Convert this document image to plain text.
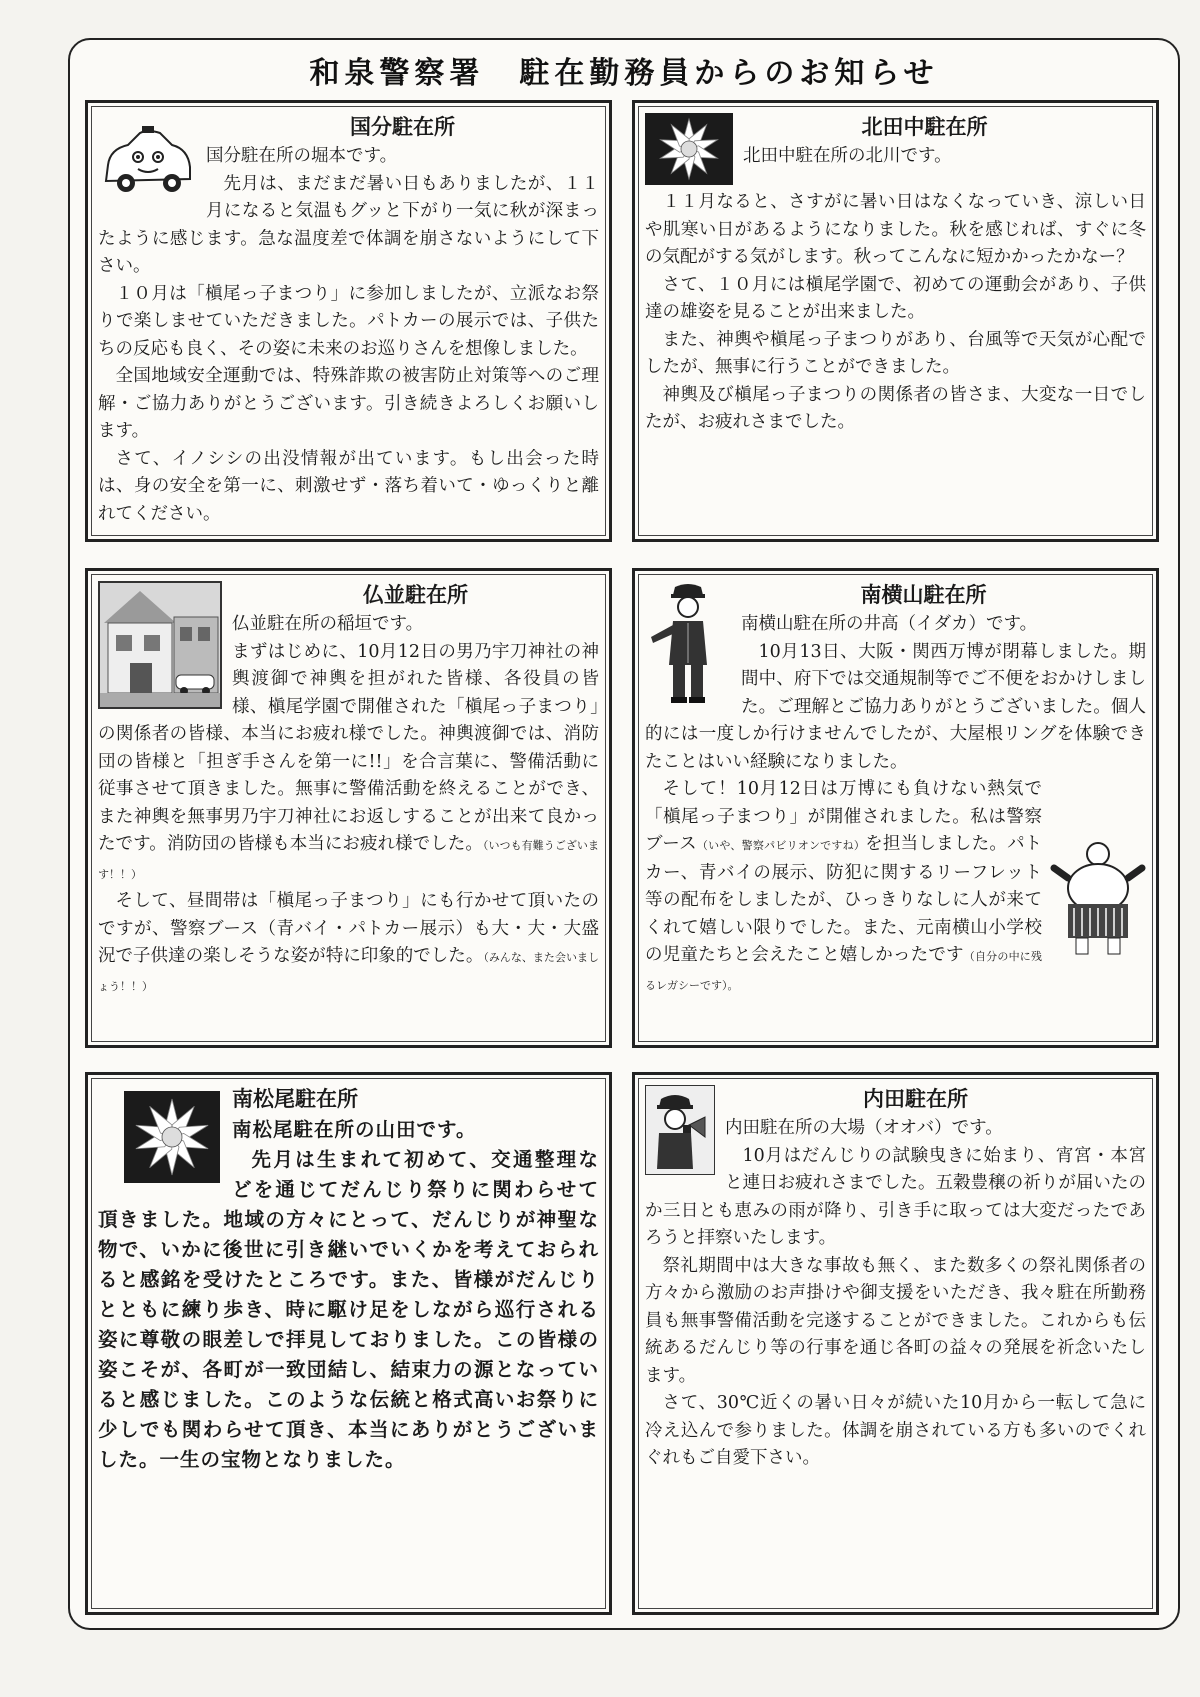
和泉警察署　駐在勤務員からのお知らせ
国分駐在所

国分駐在所の堀本です。

先月は、まだまだ暑い日もありましたが、１１月になると気温もグッと下がり一気に秋が深まったように感じます。急な温度差で体調を崩さないようにして下さい。

１０月は「槇尾っ子まつり」に参加しましたが、立派なお祭りで楽しませていただきました。パトカーの展示では、子供たちの反応も良く、その姿に未来のお巡りさんを想像しました。

全国地域安全運動では、特殊詐欺の被害防止対策等へのご理解・ご協力ありがとうございます。引き続きよろしくお願いします。

さて、イノシシの出没情報が出ています。もし出会った時は、身の安全を第一に、刺激せず・落ち着いて・ゆっくりと離れてください。

北田中駐在所

北田中駐在所の北川です。

１１月なると、さすがに暑い日はなくなっていき、涼しい日や肌寒い日があるようになりました。秋を感じれば、すぐに冬の気配がする気がします。秋ってこんなに短かかったかなー？

さて、１０月には槇尾学園で、初めての運動会があり、子供達の雄姿を見ることが出来ました。

また、神輿や槇尾っ子まつりがあり、台風等で天気が心配でしたが、無事に行うことができました。

神輿及び槇尾っ子まつりの関係者の皆さま、大変な一日でしたが、お疲れさまでした。

仏並駐在所

仏並駐在所の稲垣です。

まずはじめに、10月12日の男乃宇刀神社の神輿渡御で神輿を担がれた皆様、各役員の皆様、槇尾学園で開催された「槇尾っ子まつり」の関係者の皆様、本当にお疲れ様でした。神輿渡御では、消防団の皆様と「担ぎ手さんを第一に!!」を合言葉に、警備活動に従事させて頂きました。無事に警備活動を終えることができ、また神輿を無事男乃宇刀神社にお返しすることが出来て良かったです。消防団の皆様も本当にお疲れ様でした。（いつも有難うございます！！）

そして、昼間帯は「槇尾っ子まつり」にも行かせて頂いたのですが、警察ブース（青バイ・パトカー展示）も大・大・大盛況で子供達の楽しそうな姿が特に印象的でした。（みんな、また会いましょう！！）

南横山駐在所

南横山駐在所の井高（イダカ）です。

10月13日、大阪・関西万博が閉幕しました。期間中、府下では交通規制等でご不便をおかけしました。ご理解とご協力ありがとうございました。個人的には一度しか行けませんでしたが、大屋根リングを体験できたことはいい経験になりました。

そして！10月12日は万博にも負けない熱気で「槇尾っ子まつり」が開催されました。私は警察ブース（いや、警察パビリオンですね）を担当しました。パトカー、青バイの展示、防犯に関するリーフレット等の配布をしましたが、ひっきりなしに人が来てくれて嬉しい限りでした。また、元南横山小学校の児童たちと会えたこと嬉しかったです（自分の中に残るレガシーです）。

南松尾駐在所

南松尾駐在所の山田です。

先月は生まれて初めて、交通整理などを通じてだんじり祭りに関わらせて頂きました。地域の方々にとって、だんじりが神聖な物で、いかに後世に引き継いでいくかを考えておられると感銘を受けたところです。また、皆様がだんじりとともに練り歩き、時に駆け足をしながら巡行される姿に尊敬の眼差しで拝見しておりました。この皆様の姿こそが、各町が一致団結し、結束力の源となっていると感じました。このような伝統と格式高いお祭りに少しでも関わらせて頂き、本当にありがとうございました。一生の宝物となりました。

内田駐在所

内田駐在所の大場（オオバ）です。

10月はだんじりの試験曳きに始まり、宵宮・本宮と連日お疲れさまでした。五穀豊穣の祈りが届いたのか三日とも恵みの雨が降り、引き手に取っては大変だったであろうと拝察いたします。

祭礼期間中は大きな事故も無く、また数多くの祭礼関係者の方々から激励のお声掛けや御支援をいただき、我々駐在所勤務員も無事警備活動を完遂することができました。これからも伝統あるだんじり等の行事を通じ各町の益々の発展を祈念いたします。

さて、30℃近くの暑い日々が続いた10月から一転して急に冷え込んで参りました。体調を崩されている方も多いのでくれぐれもご自愛下さい。
